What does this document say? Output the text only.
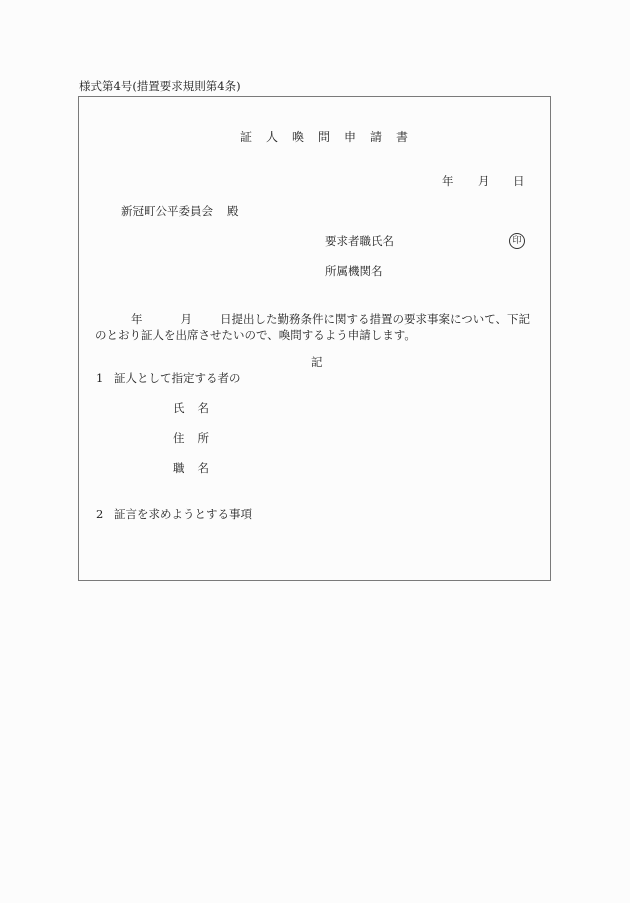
様式第4号(措置要求規則第4条)
証人喚問申請書
年 月 日
新冠町公平委員会 殿
要求者職氏名	印
所属機関名
年	月 日提出した勤務条件に関する措置の要求事案について、下記のとおり証人を出席させたいので、喚問するよう申請します。
記
1 証人として指定する者の
氏名
住所
職名
2 証言を求めようとする事項
